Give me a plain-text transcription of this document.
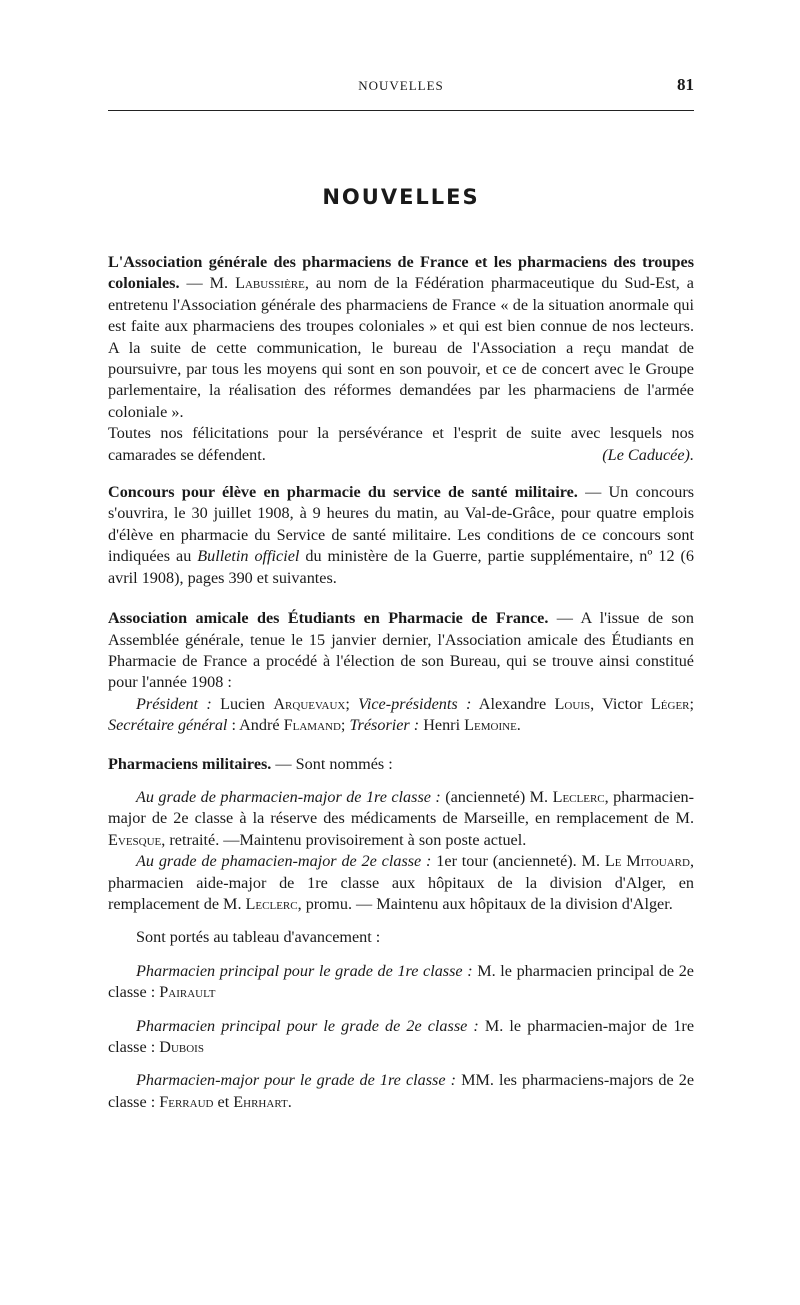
NOUVELLES	81
NOUVELLES

L'Association générale des pharmaciens de France et les pharmaciens des troupes coloniales. — M. Labussière, au nom de la Fédération pharmaceutique du Sud-Est, a entretenu l'Association générale des pharmaciens de France « de la situation anormale qui est faite aux pharmaciens des troupes coloniales » et qui est bien connue de nos lecteurs. A la suite de cette communication, le bureau de l'Association a reçu mandat de poursuivre, par tous les moyens qui sont en son pouvoir, et ce de concert avec le Groupe parlementaire, la réalisation des réformes demandées par les pharmaciens de l'armée coloniale ».

Toutes nos félicitations pour la persévérance et l'esprit de suite avec lesquels nos camarades se défendent.	(Le Caducée).

Concours pour élève en pharmacie du service de santé militaire. — Un concours s'ouvrira, le 30 juillet 1908, à 9 heures du matin, au Val-de-Grâce, pour quatre emplois d'élève en pharmacie du Service de santé militaire. Les conditions de ce concours sont indiquées au Bulletin officiel du ministère de la Guerre, partie supplémentaire, nº 12 (6 avril 1908), pages 390 et suivantes.

Association amicale des Étudiants en Pharmacie de France. — A l'issue de son Assemblée générale, tenue le 15 janvier dernier, l'Association amicale des Étudiants en Pharmacie de France a procédé à l'élection de son Bureau, qui se trouve ainsi constitué pour l'année 1908 :

Président : Lucien Arquevaux; Vice-présidents : Alexandre Louis, Victor Léger; Secrétaire général : André Flamand; Trésorier : Henri Lemoine.

Pharmaciens militaires. — Sont nommés :

Au grade de pharmacien-major de 1re classe : (ancienneté) M. Leclerc, pharmacien-major de 2e classe à la réserve des médicaments de Marseille, en remplacement de M. Evesque, retraité. —Maintenu provisoirement à son poste actuel.

Au grade de phamacien-major de 2e classe : 1er tour (ancienneté). M. Le Mitouard, pharmacien aide-major de 1re classe aux hôpitaux de la division d'Alger, en remplacement de M. Leclerc, promu. — Maintenu aux hôpitaux de la division d'Alger.

Sont portés au tableau d'avancement :

Pharmacien principal pour le grade de 1re classe : M. le pharmacien principal de 2e classe : Pairault

Pharmacien principal pour le grade de 2e classe : M. le pharmacien-major de 1re classe : Dubois

Pharmacien-major pour le grade de 1re classe : MM. les pharmaciens-majors de 2e classe : Ferraud et Ehrhart.
